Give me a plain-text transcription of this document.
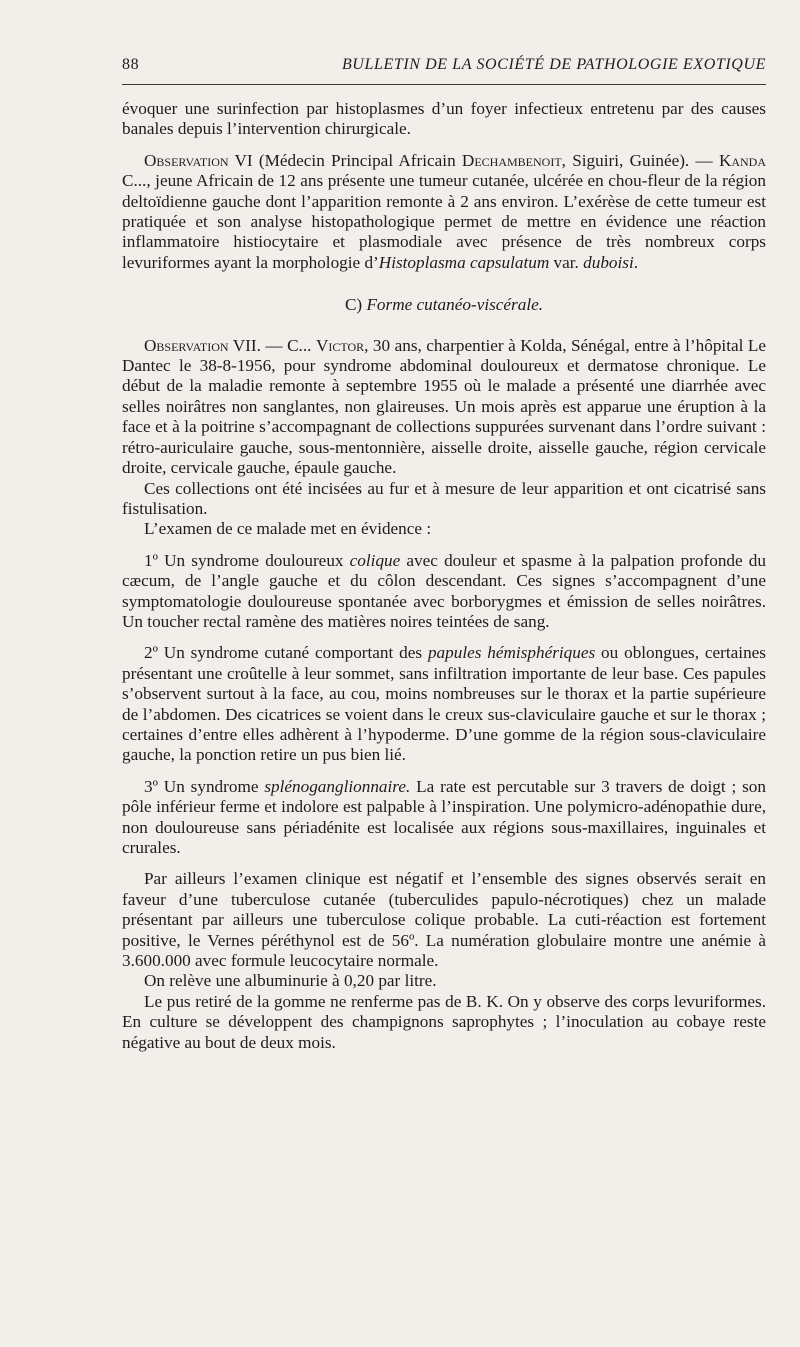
88	BULLETIN DE LA SOCIÉTÉ DE PATHOLOGIE EXOTIQUE

évoquer une surinfection par histoplasmes d’un foyer infectieux entretenu par des causes banales depuis l’intervention chirurgicale.

Observation VI (Médecin Principal Africain Dechambenoit, Siguiri, Guinée). — Kanda C..., jeune Africain de 12 ans présente une tumeur cutanée, ulcérée en chou-fleur de la région deltoïdienne gauche dont l’apparition remonte à 2 ans environ. L’exérèse de cette tumeur est pratiquée et son analyse histopathologique permet de mettre en évidence une réaction inflammatoire histiocytaire et plasmodiale avec présence de très nombreux corps levuriformes ayant la morphologie d’Histoplasma capsulatum var. duboisi.

C) Forme cutanéo-viscérale.

Observation VII. — C... Victor, 30 ans, charpentier à Kolda, Sénégal, entre à l’hôpital Le Dantec le 38-8-1956, pour syndrome abdominal douloureux et dermatose chronique. Le début de la maladie remonte à septembre 1955 où le malade a présenté une diarrhée avec selles noirâtres non sanglantes, non glaireuses. Un mois après est apparue une éruption à la face et à la poitrine s’accompagnant de collections suppurées survenant dans l’ordre suivant : rétro-auriculaire gauche, sous-mentonnière, aisselle droite, aisselle gauche, région cervicale droite, cervicale gauche, épaule gauche.

Ces collections ont été incisées au fur et à mesure de leur apparition et ont cicatrisé sans fistulisation.

L’examen de ce malade met en évidence :

1º Un syndrome douloureux colique avec douleur et spasme à la palpation profonde du cæcum, de l’angle gauche et du côlon descendant. Ces signes s’accompagnent d’une symptomatologie douloureuse spontanée avec borborygmes et émission de selles noirâtres. Un toucher rectal ramène des matières noires teintées de sang.

2º Un syndrome cutané comportant des papules hémisphériques ou oblongues, certaines présentant une croûtelle à leur sommet, sans infiltration importante de leur base. Ces papules s’observent surtout à la face, au cou, moins nombreuses sur le thorax et la partie supérieure de l’abdomen. Des cicatrices se voient dans le creux sus-claviculaire gauche et sur le thorax ; certaines d’entre elles adhèrent à l’hypoderme. D’une gomme de la région sous-claviculaire gauche, la ponction retire un pus bien lié.

3º Un syndrome splénoganglionnaire. La rate est percutable sur 3 travers de doigt ; son pôle inférieur ferme et indolore est palpable à l’inspiration. Une polymicro-adénopathie dure, non douloureuse sans périadénite est localisée aux régions sous-maxillaires, inguinales et crurales.

Par ailleurs l’examen clinique est négatif et l’ensemble des signes observés serait en faveur d’une tuberculose cutanée (tuberculides papulo-nécrotiques) chez un malade présentant par ailleurs une tuberculose colique probable. La cuti-réaction est fortement positive, le Vernes péréthynol est de 56º. La numération globulaire montre une anémie à 3.600.000 avec formule leucocytaire normale.

On relève une albuminurie à 0,20 par litre.

Le pus retiré de la gomme ne renferme pas de B. K. On y observe des corps levuriformes. En culture se développent des champignons saprophytes ; l’inoculation au cobaye reste négative au bout de deux mois.
